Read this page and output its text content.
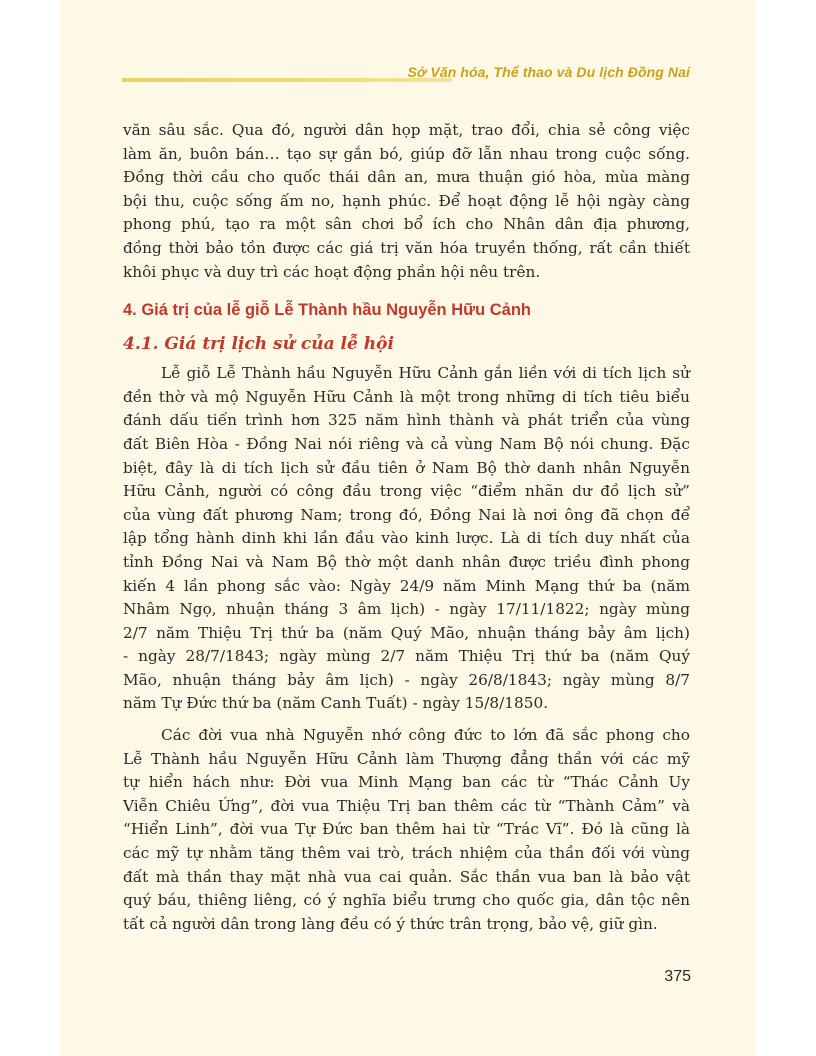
Sở Văn hóa, Thể thao và Du lịch Đồng Nai
văn sâu sắc. Qua đó, người dân họp mặt, trao đổi, chia sẻ công việc
làm ăn, buôn bán… tạo sự gắn bó, giúp đỡ lẫn nhau trong cuộc sống.
Đồng thời cầu cho quốc thái dân an, mưa thuận gió hòa, mùa màng
bội thu, cuộc sống ấm no, hạnh phúc. Để hoạt động lễ hội ngày càng
phong phú, tạo ra một sân chơi bổ ích cho Nhân dân địa phương,
đồng thời bảo tồn được các giá trị văn hóa truyền thống, rất cần thiết
khôi phục và duy trì các hoạt động phần hội nêu trên.
4. Giá trị của lễ giỗ Lễ Thành hầu Nguyễn Hữu Cảnh
4.1. Giá trị lịch sử của lễ hội
Lễ giỗ Lễ Thành hầu Nguyễn Hữu Cảnh gắn liền với di tích lịch sử
đền thờ và mộ Nguyễn Hữu Cảnh là một trong những di tích tiêu biểu
đánh dấu tiến trình hơn 325 năm hình thành và phát triển của vùng
đất Biên Hòa - Đồng Nai nói riêng và cả vùng Nam Bộ nói chung. Đặc
biệt, đây là di tích lịch sử đầu tiên ở Nam Bộ thờ danh nhân Nguyễn
Hữu Cảnh, người có công đầu trong việc “điểm nhãn dư đồ lịch sử”
của vùng đất phương Nam; trong đó, Đồng Nai là nơi ông đã chọn để
lập tổng hành dinh khi lần đầu vào kinh lược. Là di tích duy nhất của
tỉnh Đồng Nai và Nam Bộ thờ một danh nhân được triều đình phong
kiến 4 lần phong sắc vào: Ngày 24/9 năm Minh Mạng thứ ba (năm
Nhâm Ngọ, nhuận tháng 3 âm lịch) - ngày 17/11/1822; ngày mùng
2/7 năm Thiệu Trị thứ ba (năm Quý Mão, nhuận tháng bảy âm lịch)
- ngày 28/7/1843; ngày mùng 2/7 năm Thiệu Trị thứ ba (năm Quý
Mão, nhuận tháng bảy âm lịch) - ngày 26/8/1843; ngày mùng 8/7
năm Tự Đức thứ ba (năm Canh Tuất) - ngày 15/8/1850.
Các đời vua nhà Nguyễn nhớ công đức to lớn đã sắc phong cho
Lễ Thành hầu Nguyễn Hữu Cảnh làm Thượng đẳng thần với các mỹ
tự hiển hách như: Đời vua Minh Mạng ban các từ “Thác Cảnh Uy
Viễn Chiêu Ứng”, đời vua Thiệu Trị ban thêm các từ “Thành Cảm” và
“Hiển Linh”, đời vua Tự Đức ban thêm hai từ “Trác Vĩ”. Đó là cũng là
các mỹ tự nhằm tăng thêm vai trò, trách nhiệm của thần đối với vùng
đất mà thần thay mặt nhà vua cai quản. Sắc thần vua ban là bảo vật
quý báu, thiêng liêng, có ý nghĩa biểu trưng cho quốc gia, dân tộc nên
tất cả người dân trong làng đều có ý thức trân trọng, bảo vệ, giữ gìn.
375
